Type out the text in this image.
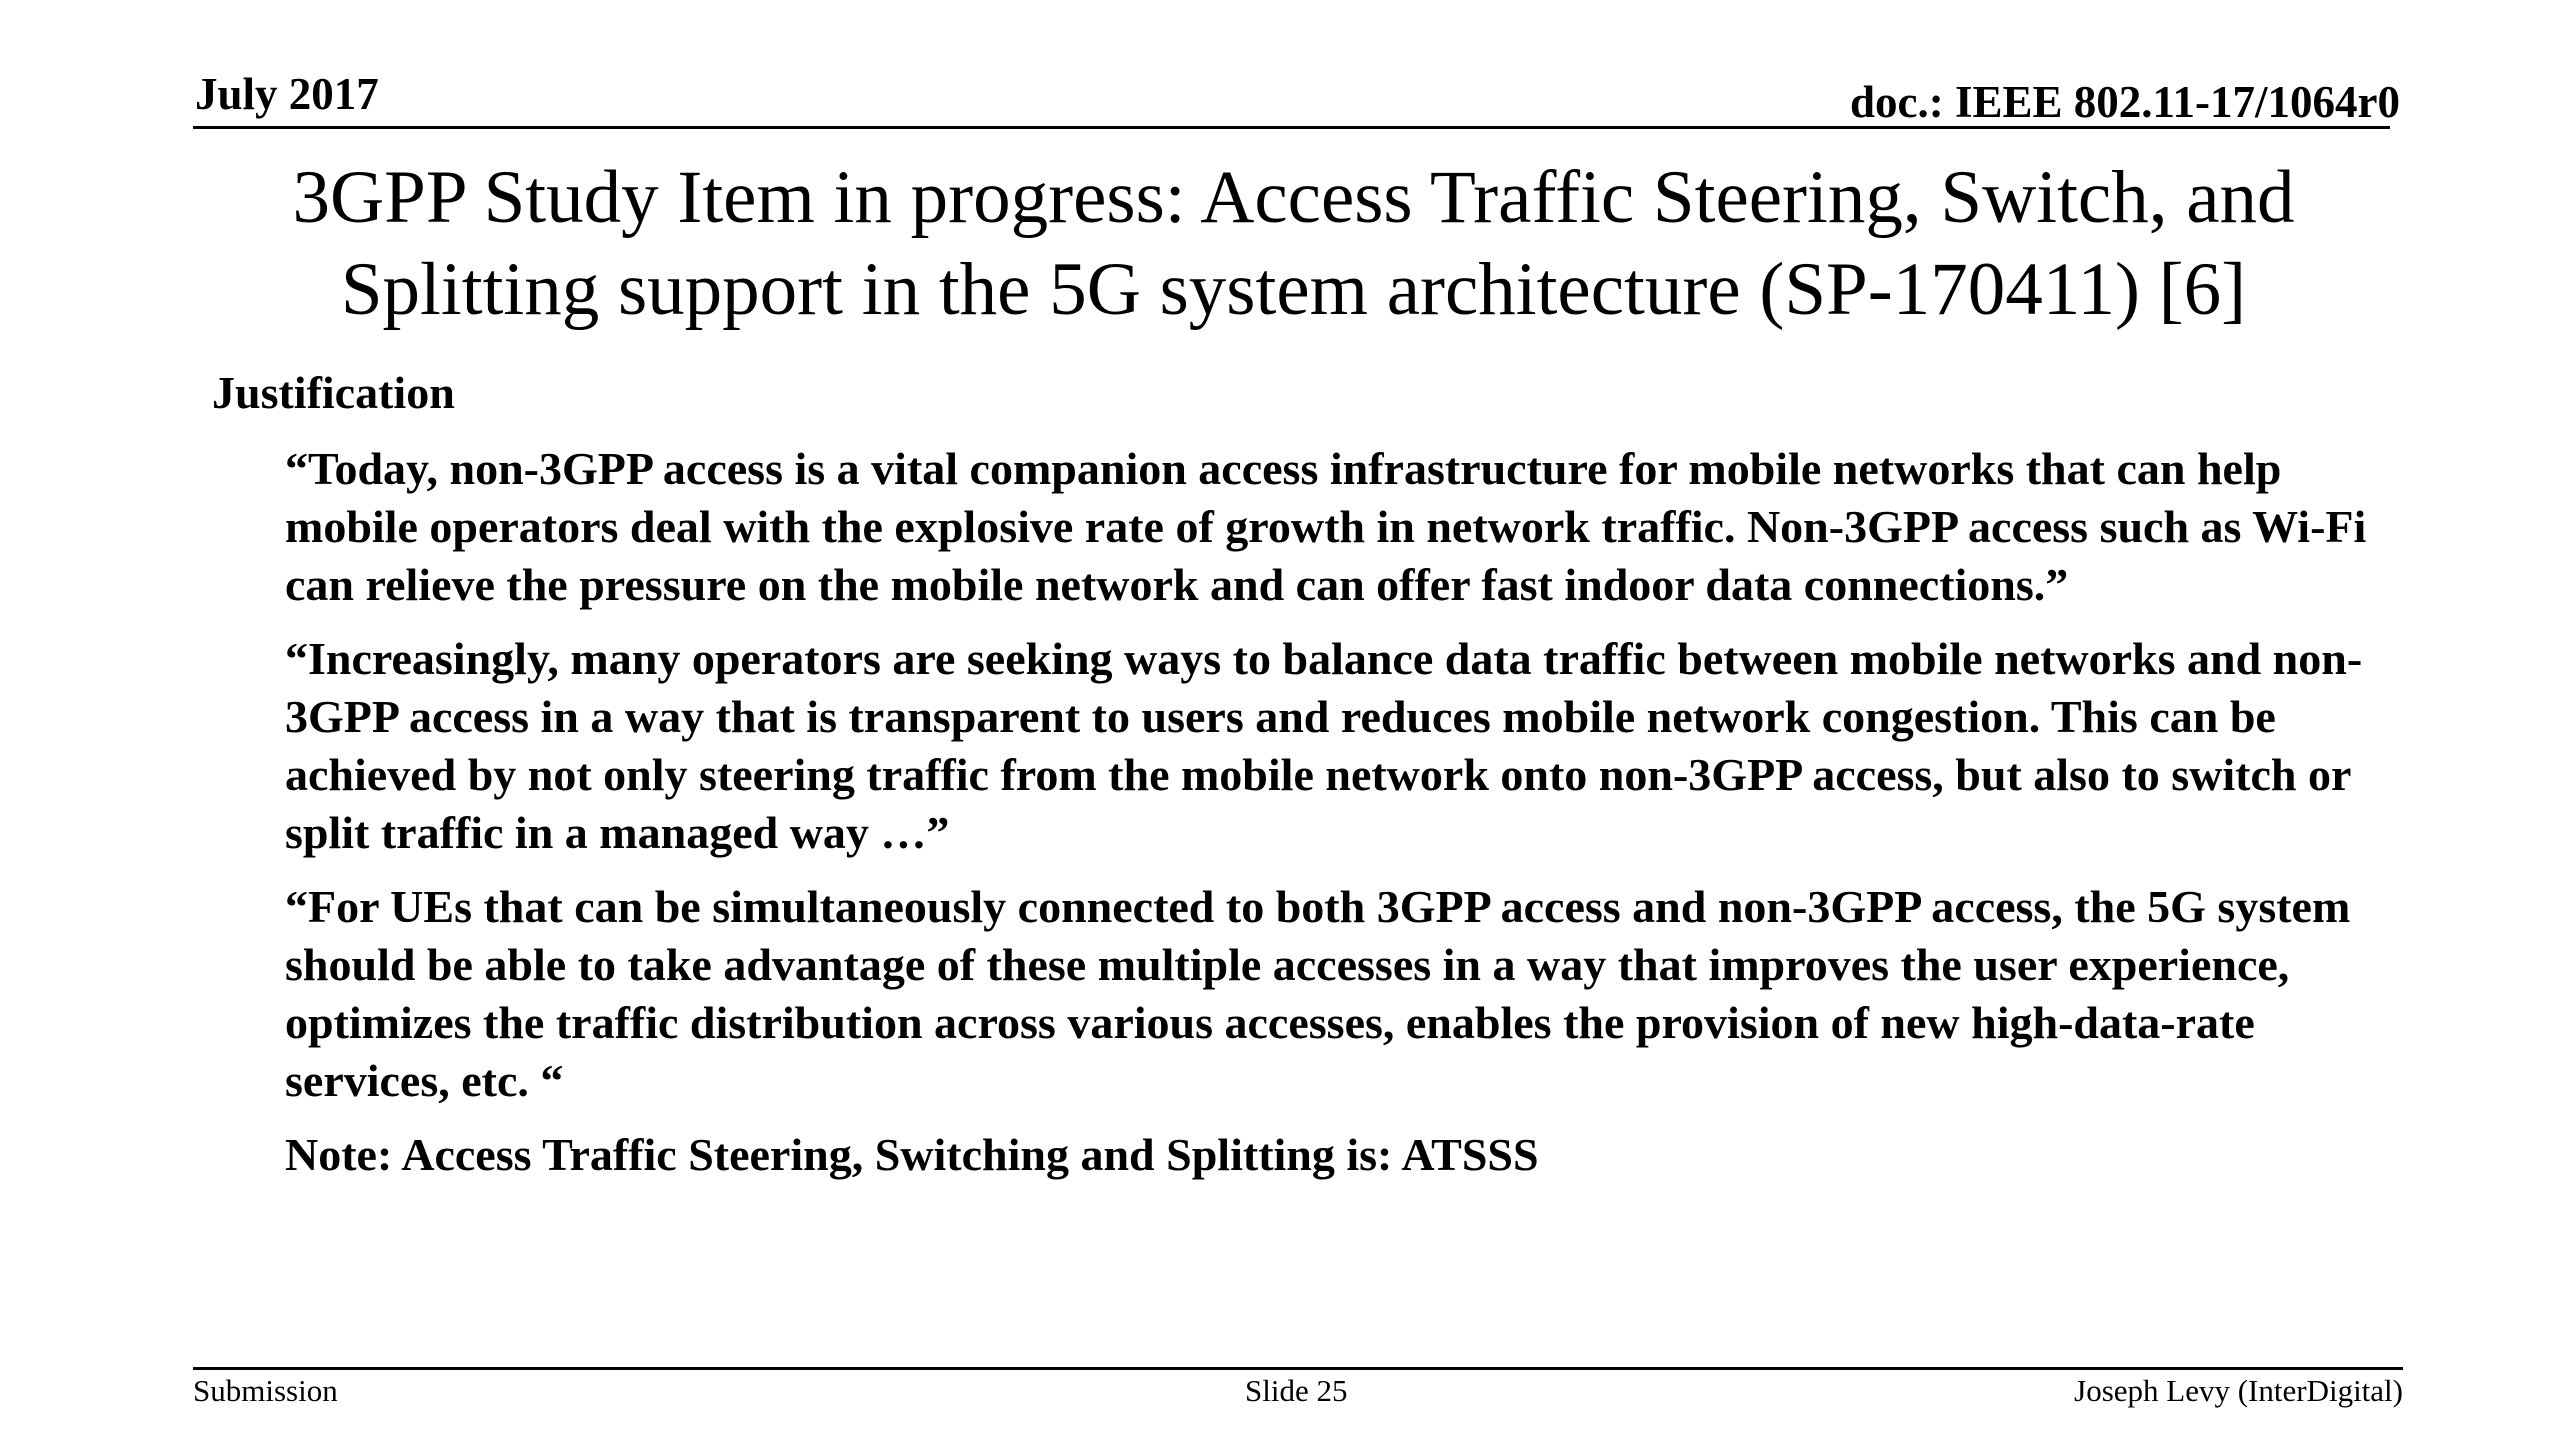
July 2017	doc.: IEEE 802.11-17/1064r0
3GPP Study Item in progress: Access Traffic Steering, Switch, and Splitting support in the 5G system architecture (SP-170411) [6]
Justification

“Today, non-3GPP access is a vital companion access infrastructure for mobile networks that can help mobile operators deal with the explosive rate of growth in network traffic. Non-3GPP access such as Wi-Fi can relieve the pressure on the mobile network and can offer fast indoor data connections.”

“Increasingly, many operators are seeking ways to balance data traffic between mobile networks and non-3GPP access in a way that is transparent to users and reduces mobile network congestion. This can be achieved by not only steering traffic from the mobile network onto non-3GPP access, but also to switch or split traffic in a managed way …”

“For UEs that can be simultaneously connected to both 3GPP access and non-3GPP access, the 5G system should be able to take advantage of these multiple accesses in a way that improves the user experience, optimizes the traffic distribution across various accesses, enables the provision of new high-data-rate services, etc. “

Note: Access Traffic Steering, Switching and Splitting is: ATSSS

Submission	Slide 25	Joseph Levy (InterDigital)
